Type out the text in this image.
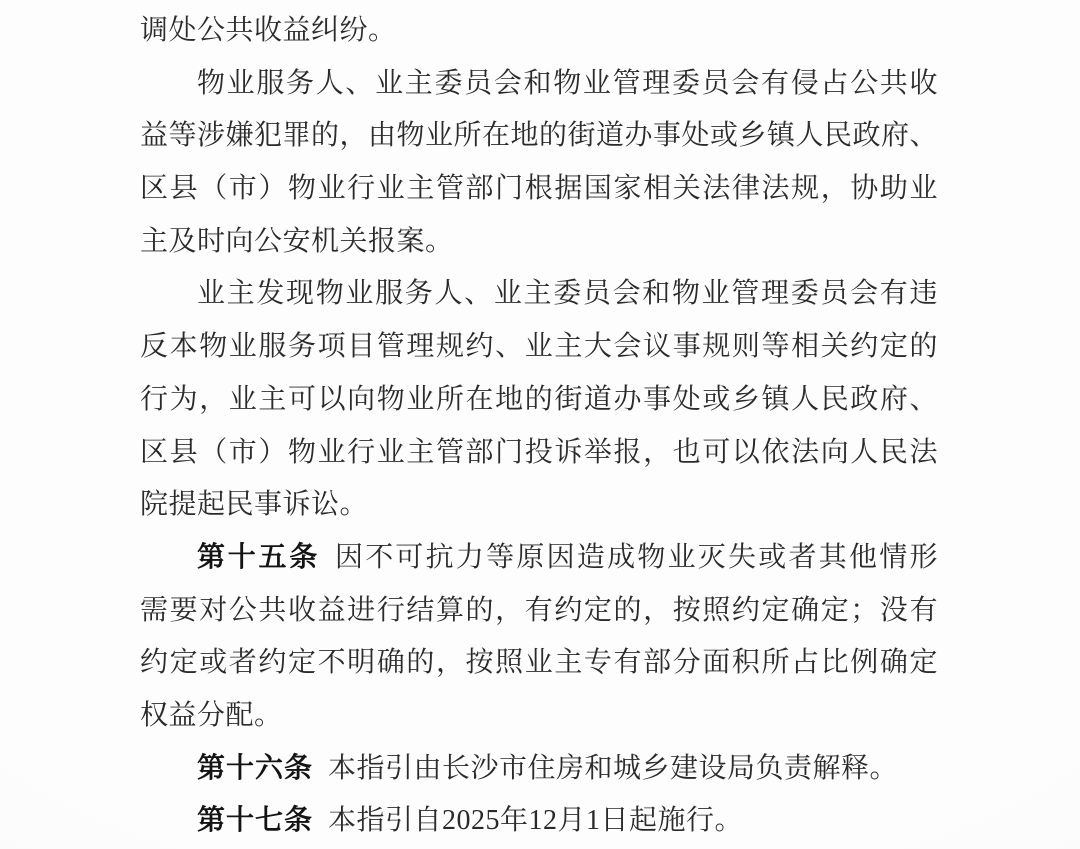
调处公共收益纠纷。
物业服务人、业主委员会和物业管理委员会有侵占公共收
益等涉嫌犯罪的，由物业所在地的街道办事处或乡镇人民政府、
区县（市）物业行业主管部门根据国家相关法律法规，协助业
主及时向公安机关报案。
业主发现物业服务人、业主委员会和物业管理委员会有违
反本物业服务项目管理规约、业主大会议事规则等相关约定的
行为，业主可以向物业所在地的街道办事处或乡镇人民政府、
区县（市）物业行业主管部门投诉举报，也可以依法向人民法
院提起民事诉讼。
第十五条 因不可抗力等原因造成物业灭失或者其他情形
需要对公共收益进行结算的，有约定的，按照约定确定；没有
约定或者约定不明确的，按照业主专有部分面积所占比例确定
权益分配。
第十六条 本指引由长沙市住房和城乡建设局负责解释。
第十七条 本指引自2025年12月1日起施行。
